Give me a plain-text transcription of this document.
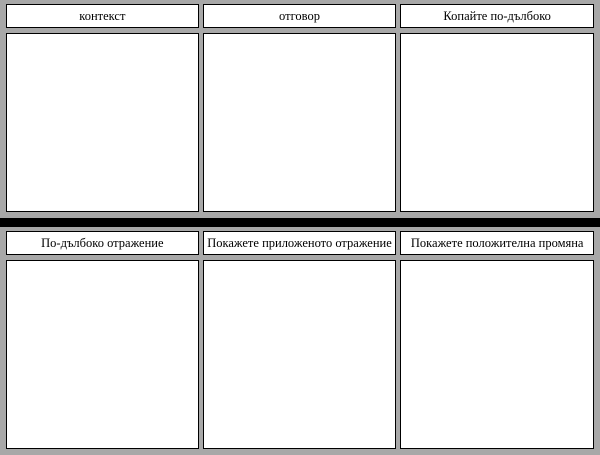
контекст	отговор	Копайте по-дълбоко
По-дълбоко отражение	Покажете приложеното отражение	Покажете положителна промяна
